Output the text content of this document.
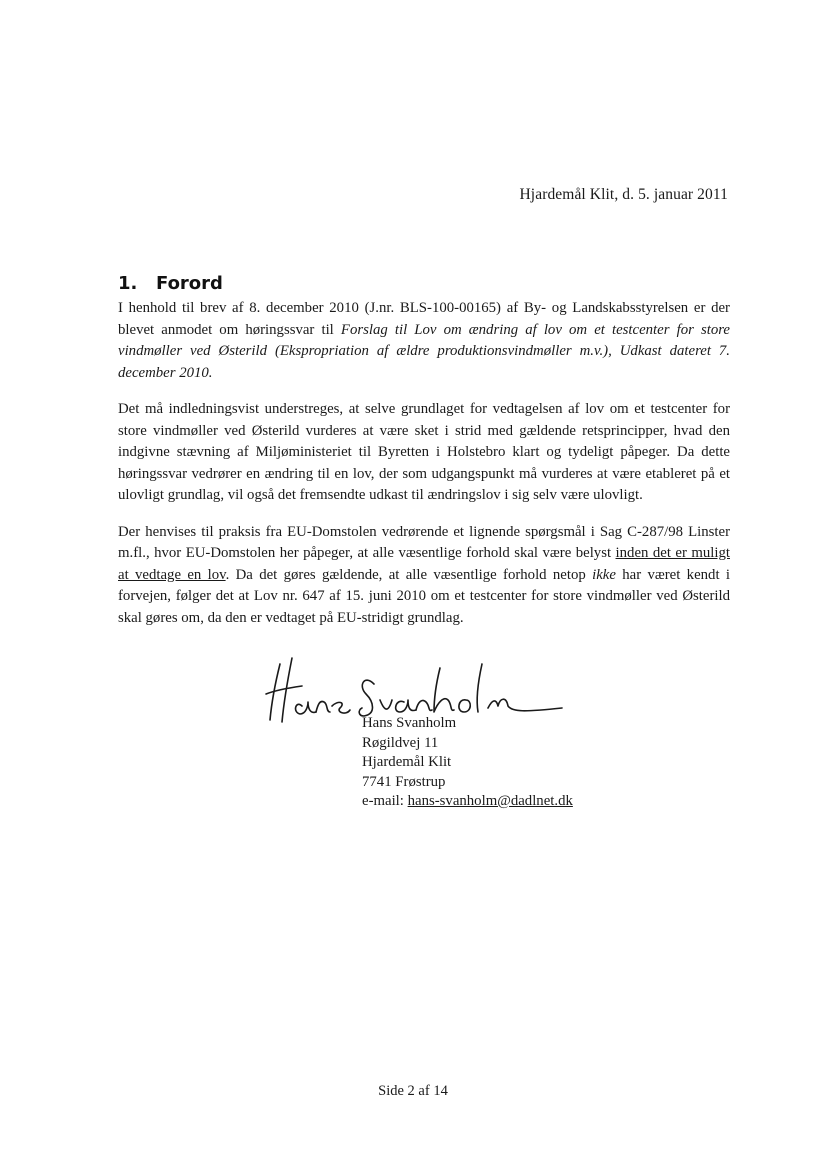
Hjardemål Klit, d. 5. januar 2011
1. Forord

I henhold til brev af 8. december 2010 (J.nr. BLS-100-00165) af By- og Landskabsstyrelsen er der blevet anmodet om høringssvar til Forslag til Lov om ændring af lov om et testcenter for store vindmøller ved Østerild (Ekspropriation af ældre produktionsvindmøller m.v.), Udkast dateret 7. december 2010.

Det må indledningsvist understreges, at selve grundlaget for vedtagelsen af lov om et testcenter for store vindmøller ved Østerild vurderes at være sket i strid med gældende retsprincipper, hvad den indgivne stævning af Miljøministeriet til Byretten i Holstebro klart og tydeligt påpeger. Da dette høringssvar vedrører en ændring til en lov, der som udgangspunkt må vurderes at være etableret på et ulovligt grundlag, vil også det fremsendte udkast til ændringslov i sig selv være ulovligt.

Der henvises til praksis fra EU-Domstolen vedrørende et lignende spørgsmål i Sag C-287/98 Linster m.fl., hvor EU-Domstolen her påpeger, at alle væsentlige forhold skal være belyst inden det er muligt at vedtage en lov. Da det gøres gældende, at alle væsentlige forhold netop ikke har været kendt i forvejen, følger det at Lov nr. 647 af 15. juni 2010 om et testcenter for store vindmøller ved Østerild skal gøres om, da den er vedtaget på EU-stridigt grundlag.

Hans Svanholm
Røgildvej 11
Hjardemål Klit
7741 Frøstrup
e-mail: hans-svanholm@dadlnet.dk
Side 2 af 14
